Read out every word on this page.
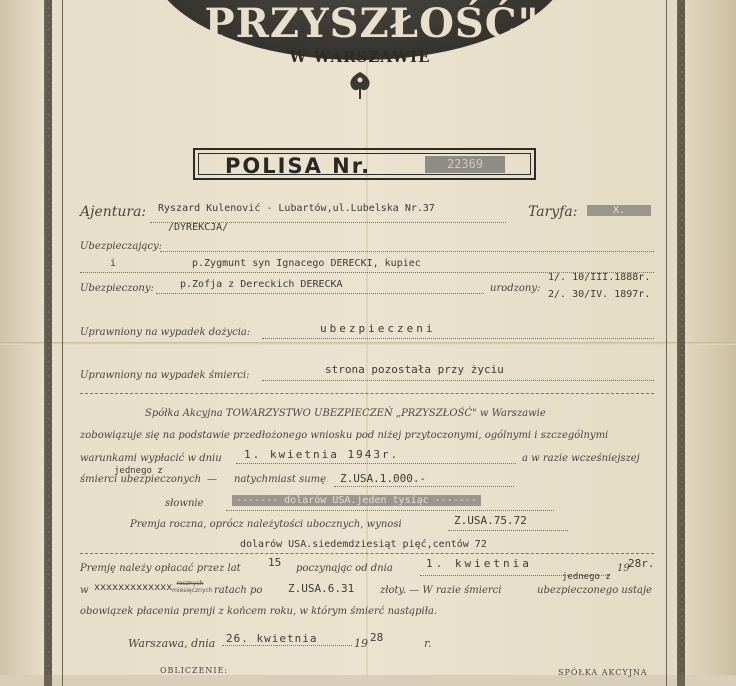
„PRZYSZŁOŚĆ"
W WARSZAWIE
POLISA Nr.	22369
Ajentura: Ryszard Kulenović - Lubartów,ul.Lubelska Nr.37	Taryfa:	X.
/DYREKCJA/
Ubezpieczający:
i	p.Zygmunt syn Ignacego DERECKI, kupiec
Ubezpieczony:	p.Zofja z Dereckich DERECKA	urodzony:
1/. 10/III.1888r.
2/. 30/IV. 1897r.
Uprawniony na wypadek dożycia:	ubezpieczeni
Uprawniony na wypadek śmierci:	strona pozostała przy życiu
Spółka Akcyjna TOWARZYSTWO UBEZPIECZEŃ „PRZYSZŁOŚĆ" w Warszawie
zobowiązuje się na podstawie przedłożonego wniosku pod niżej przytoczonymi, ogólnymi i szczególnymi
warunkami wypłacić w dniu 1. kwietnia 1943r.	a w razie wcześniejszej
jednego z
śmierci ubezpieczonych — natychmiast sumę Z.USA.1.000.-
słownie	------- dolarów USA.jeden tysiąc -------
Premja roczna, oprócz należytości ubocznych, wynosi	Z.USA.75.72
dolarów USA.siedemdziesiąt pięć,centów 72
Premję należy opłacać przez lat 15 poczynając od dnia	1. kwietnia	19
28r.
w xxxxxxxxxxxxx rocznych
miesięcznych ratach po Z.USA.6.31	złoty. — W razie śmierci
jednego z
ubezpieczonego ustaje
obowiązek płacenia premji z końcem roku, w którym śmierć nastąpiła.
Warszawa, dnia 26. kwietnia	19 28	r.
OBLICZENIE:	SPÓŁKA AKCYJNA
